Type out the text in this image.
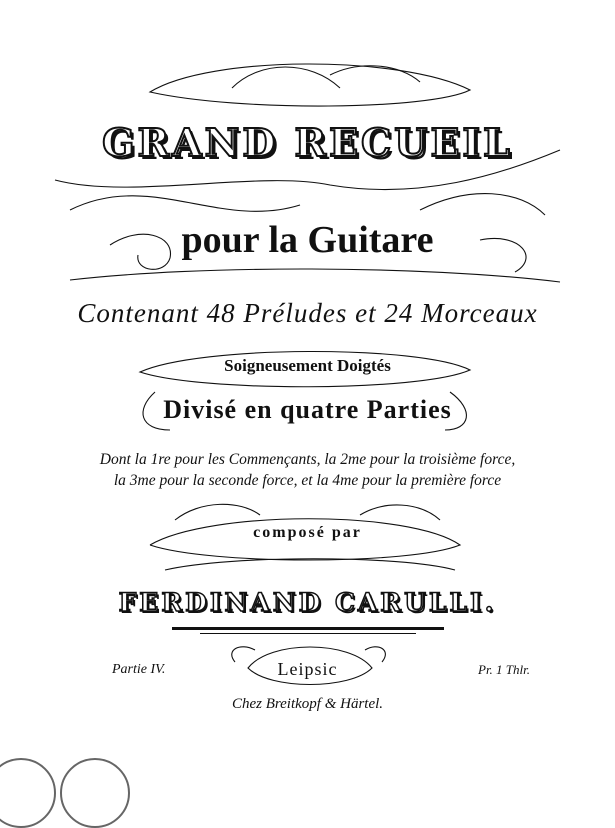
GRAND RECUEIL
pour la Guitare
Contenant 48 Préludes et 24 Morceaux
Soigneusement Doigtés
Divisé en quatre Parties
Dont la 1re pour les Commençants, la 2me pour la troisième force,
la 3me pour la seconde force, et la 4me pour la première force
composé par
FERDINAND CARULLI.
Partie IV.	Leipsic	Pr. 1 Thlr.
Chez Breitkopf & Härtel.
